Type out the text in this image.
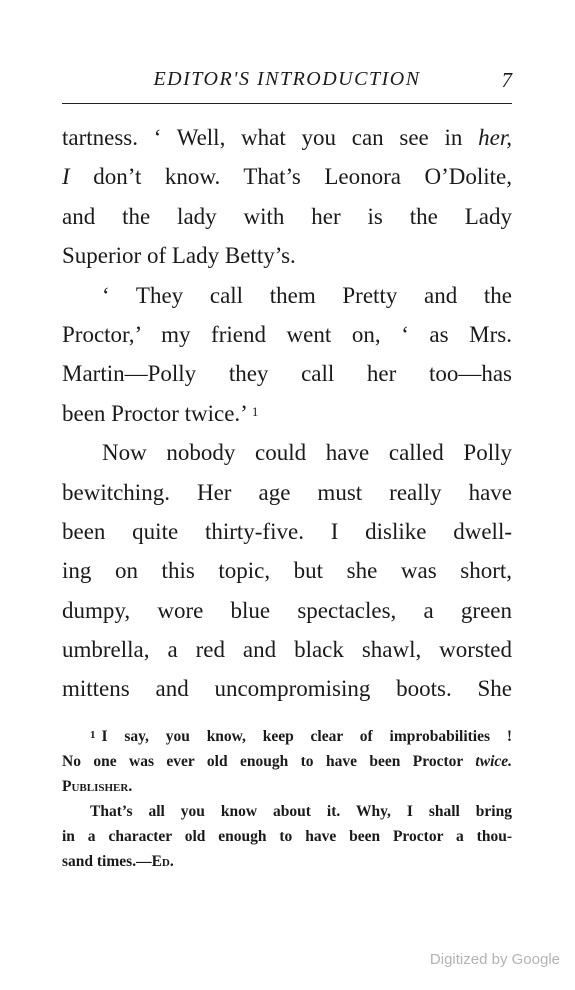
EDITOR'S INTRODUCTION	7
tartness. ‘ Well, what you can see in her,
I don’t know. That’s Leonora O’Dolite,
and the lady with her is the Lady
Superior of Lady Betty’s.
‘ They call them Pretty and the
Proctor,’ my friend went on, ‘ as Mrs.
Martin—Polly they call her too—has
been Proctor twice.’ $^1$
Now nobody could have called Polly
bewitching. Her age must really have
been quite thirty-five. I dislike dwell-
ing on this topic, but she was short,
dumpy, wore blue spectacles, a green
umbrella, a red and black shawl, worsted
mittens and uncompromising boots. She
$^1$ I say, you know, keep clear of improbabilities !
No one was ever old enough to have been Proctor twice.
Publisher.
That’s all you know about it. Why, I shall bring
in a character old enough to have been Proctor a thou-
sand times.—Ed.
Digitized by Google
